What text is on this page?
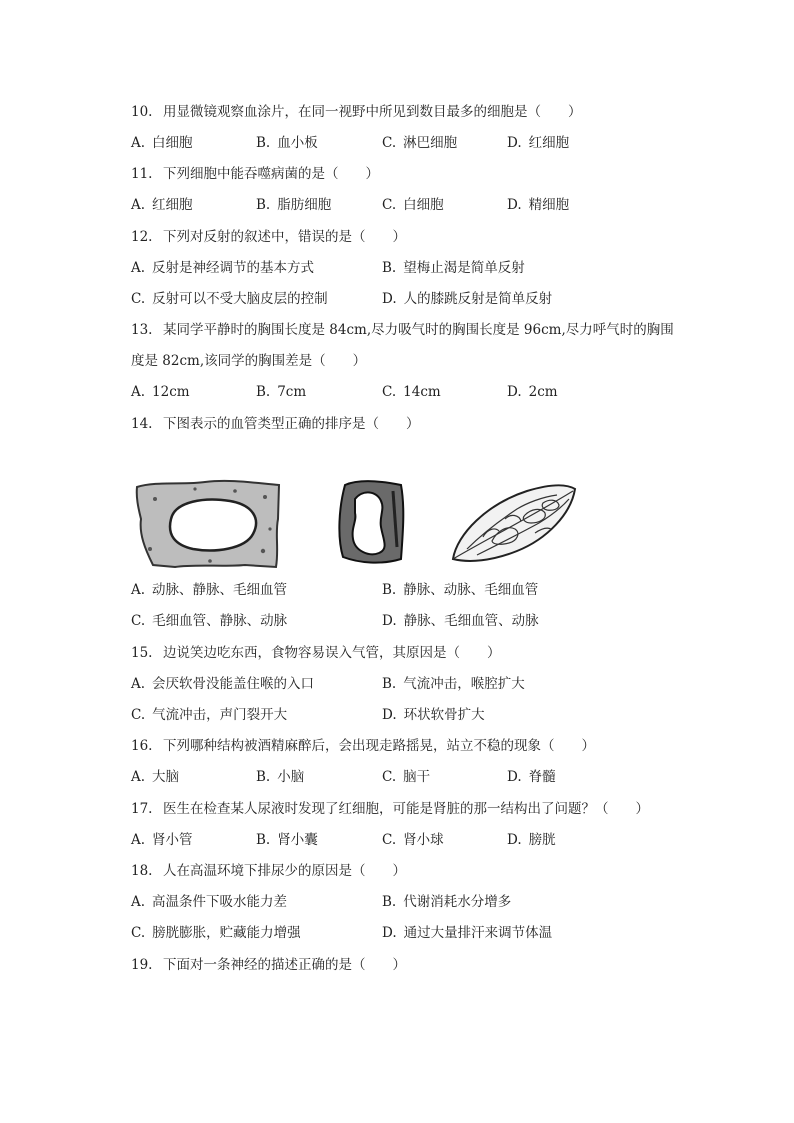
10. 用显微镜观察血涂片，在同一视野中所见到数目最多的细胞是（　　）
A. 白细胞	B. 血小板	C. 淋巴细胞	D. 红细胞
11. 下列细胞中能吞噬病菌的是（　　）
A. 红细胞	B. 脂肪细胞	C. 白细胞	D. 精细胞
12. 下列对反射的叙述中，错误的是（　　）
A. 反射是神经调节的基本方式	B. 望梅止渴是简单反射
C. 反射可以不受大脑皮层的控制	D. 人的膝跳反射是简单反射
13. 某同学平静时的胸围长度是 84cm,尽力吸气时的胸围长度是 96cm,尽力呼气时的胸围
度是 82cm,该同学的胸围差是（　　）
A. 12cm	B. 7cm	C. 14cm	D. 2cm
14. 下图表示的血管类型正确的排序是（　　）
A. 动脉、静脉、毛细血管	B. 静脉、动脉、毛细血管
C. 毛细血管、静脉、动脉	D. 静脉、毛细血管、动脉
15. 边说笑边吃东西，食物容易误入气管，其原因是（　　）
A. 会厌软骨没能盖住喉的入口	B. 气流冲击，喉腔扩大
C. 气流冲击，声门裂开大	D. 环状软骨扩大
16. 下列哪种结构被酒精麻醉后，会出现走路摇晃，站立不稳的现象（　　）
A. 大脑	B. 小脑	C. 脑干	D. 脊髓
17. 医生在检查某人尿液时发现了红细胞，可能是肾脏的那一结构出了问题？（　　）
A. 肾小管	B. 肾小囊	C. 肾小球	D. 膀胱
18. 人在高温环境下排尿少的原因是（　　）
A. 高温条件下吸水能力差	B. 代谢消耗水分增多
C. 膀胱膨胀，贮藏能力增强	D. 通过大量排汗来调节体温
19. 下面对一条神经的描述正确的是（　　）
